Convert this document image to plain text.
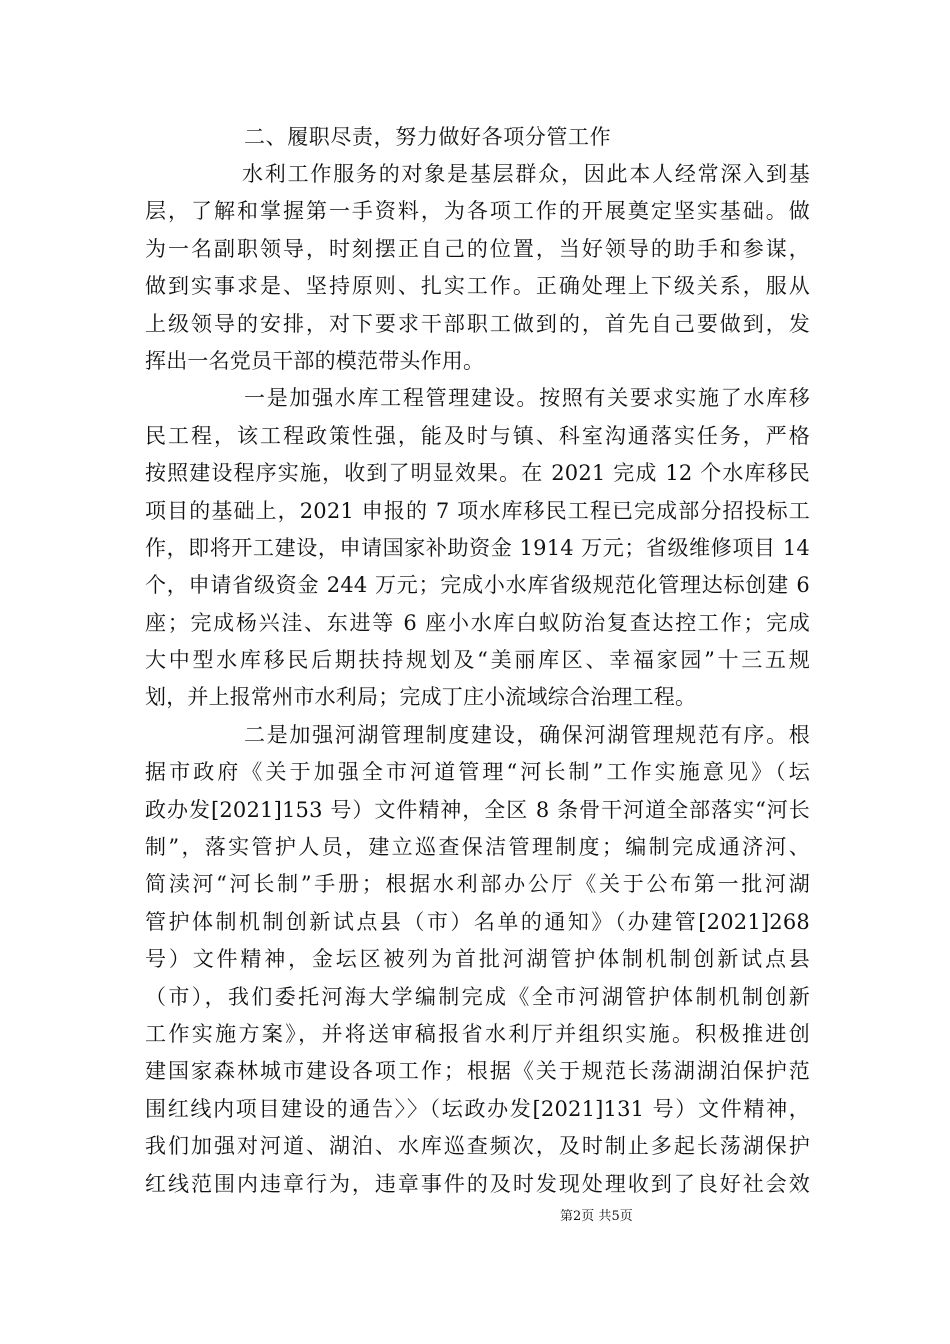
二、履职尽责，努力做好各项分管工作

水利工作服务的对象是基层群众，因此本人经常深入到基
层，了解和掌握第一手资料，为各项工作的开展奠定坚实基础。做
为一名副职领导，时刻摆正自己的位置，当好领导的助手和参谋，
做到实事求是、坚持原则、扎实工作。正确处理上下级关系，服从
上级领导的安排，对下要求干部职工做到的，首先自己要做到，发
挥出一名党员干部的模范带头作用。
一是加强水库工程管理建设。按照有关要求实施了水库移
民工程，该工程政策性强，能及时与镇、科室沟通落实任务，严格
按照建设程序实施，收到了明显效果。在 2021 完成 12 个水库移民
项目的基础上，2021 申报的 7 项水库移民工程已完成部分招投标工
作，即将开工建设，申请国家补助资金 1914 万元；省级维修项目 14
个，申请省级资金 244 万元；完成小水库省级规范化管理达标创建 6
座；完成杨兴洼、东进等 6 座小水库白蚁防治复查达控工作；完成
大中型水库移民后期扶持规划及“美丽库区、幸福家园”十三五规
划，并上报常州市水利局；完成丁庄小流域综合治理工程。
二是加强河湖管理制度建设，确保河湖管理规范有序。根
据市政府《关于加强全市河道管理“河长制”工作实施意见》（坛
政办发[2021]153 号）文件精神，全区 8 条骨干河道全部落实“河长
制”，落实管护人员，建立巡查保洁管理制度；编制完成通济河、
简渎河“河长制”手册；根据水利部办公厅《关于公布第一批河湖
管护体制机制创新试点县（市）名单的通知》（办建管[2021]268
号）文件精神，金坛区被列为首批河湖管护体制机制创新试点县
（市），我们委托河海大学编制完成《全市河湖管护体制机制创新
工作实施方案》，并将送审稿报省水利厅并组织实施。积极推进创
建国家森林城市建设各项工作；根据《关于规范长荡湖湖泊保护范
围红线内项目建设的通告〉〉（坛政办发[2021]131 号）文件精神，
我们加强对河道、湖泊、水库巡查频次，及时制止多起长荡湖保护
红线范围内违章行为，违章事件的及时发现处理收到了良好社会效
第2页 共5页
